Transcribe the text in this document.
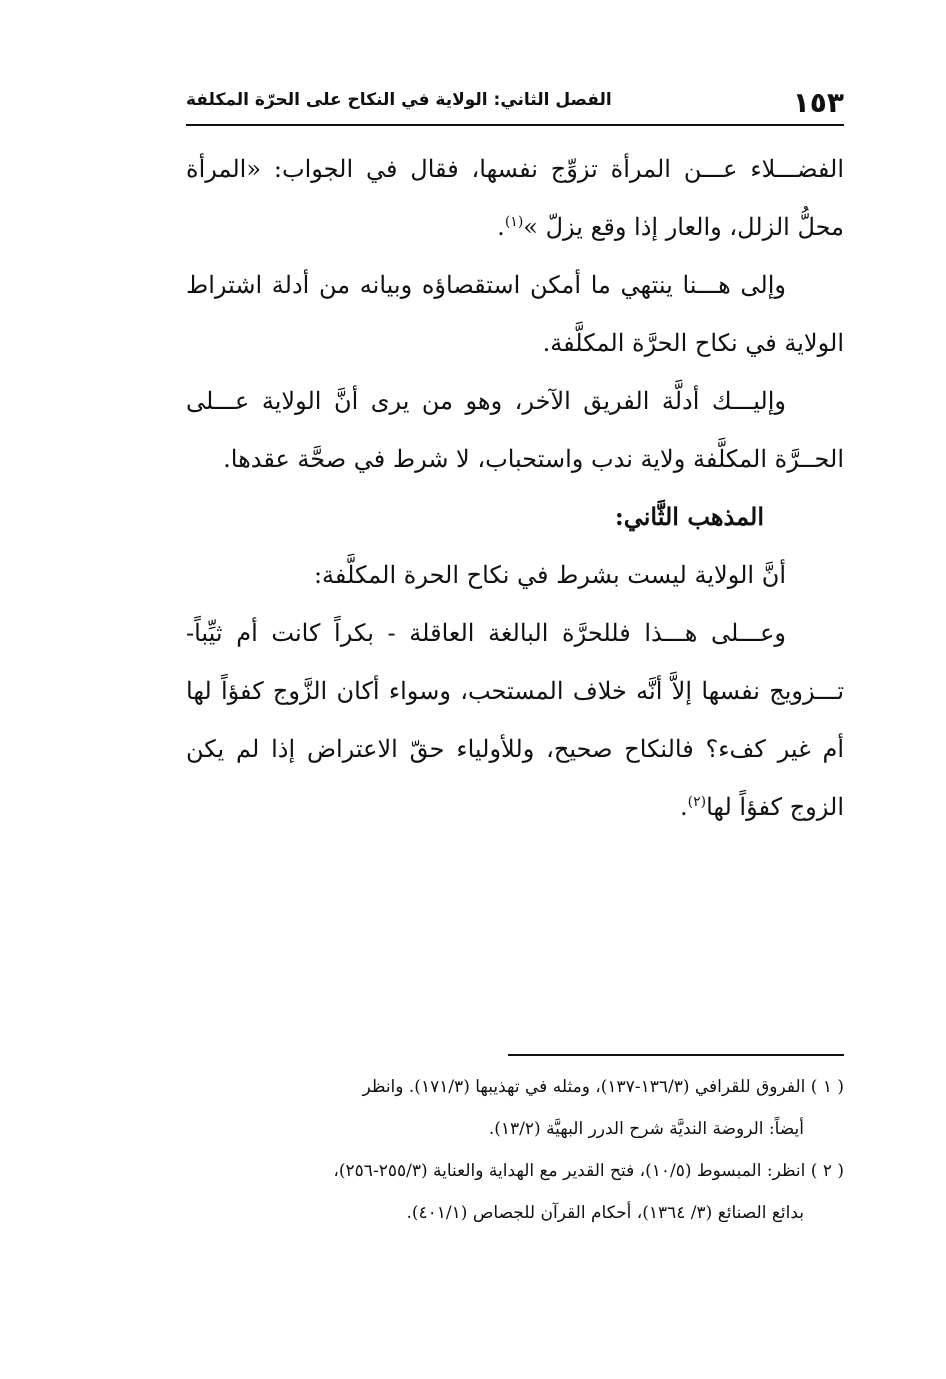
١٥٣
الفصل الثاني: الولاية في النكاح على الحرّة المكلفة

الفضـــلاء عـــن المرأة تزوِّج نفسها، فقال في الجواب: «المرأة محلُّ الزلل، والعار إذا وقع يزلّ »$^{(١)}$.

وإلى هـــنا ينتهي ما أمكن استقصاؤه وبيانه من أدلة اشتراط الولاية في نكاح الحرَّة المكلَّفة.

وإليـــك أدلَّة الفريق الآخر، وهو من يرى أنَّ الولاية عـــلى الحــرَّة المكلَّفة ولاية ندب واستحباب، لا شرط في صحَّة عقدها.

المذهب الثَّاني:

أنَّ الولاية ليست بشرط في نكاح الحرة المكلَّفة:

وعـــلى هـــذا فللحرَّة البالغة العاقلة - بكراً كانت أم ثيِّباً- تـــزويج نفسها إلاَّ أنَّه خلاف المستحب، وسواء أكان الزَّوج كفؤاً لها أم غير كفء؟ فالنكاح صحيح، وللأولياء حقّ الاعتراض إذا لم يكن الزوج كفؤاً لها$^{(٢)}$.

( ١ ) الفروق للقرافي (١٣٦/٣-١٣٧)، ومثله في تهذيبها (١٧١/٣). وانظر

أيضاً: الروضة النديَّة شرح الدرر البهيَّة (١٣/٢).

( ٢ ) انظر: المبسوط (١٠/٥)، فتح القدير مع الهداية والعناية (٢٥٥/٣-٢٥٦)،

بدائع الصنائع (٣/ ١٣٦٤)، أحكام القرآن للجصاص (٤٠١/١).
